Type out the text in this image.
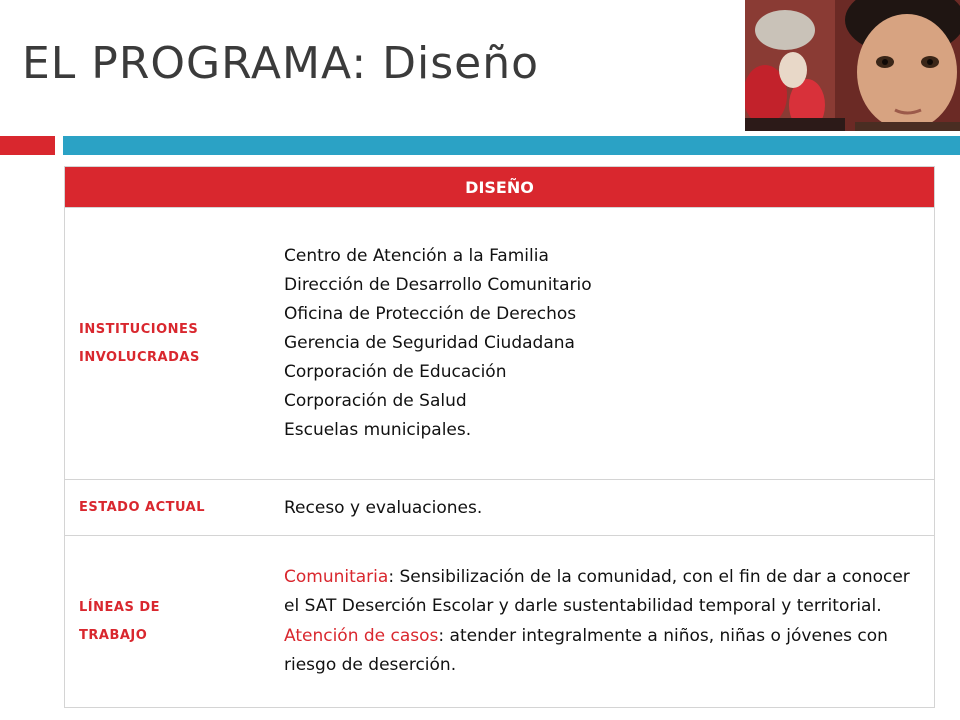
EL PROGRAMA: Diseño
DISEÑO
INSTITUCIONES
INVOLUCRADAS
Centro de Atención a la Familia
Dirección de Desarrollo Comunitario
Oficina de Protección de Derechos
Gerencia de Seguridad Ciudadana
Corporación de Educación
Corporación de Salud
Escuelas municipales.
ESTADO ACTUAL	Receso y evaluaciones.
LÍNEAS DE
TRABAJO
Comunitaria: Sensibilización de la comunidad, con el fin de dar a conocer el SAT Deserción Escolar y darle sustentabilidad temporal y territorial.
Atención de casos: atender integralmente a niños, niñas o jóvenes con riesgo de deserción.
